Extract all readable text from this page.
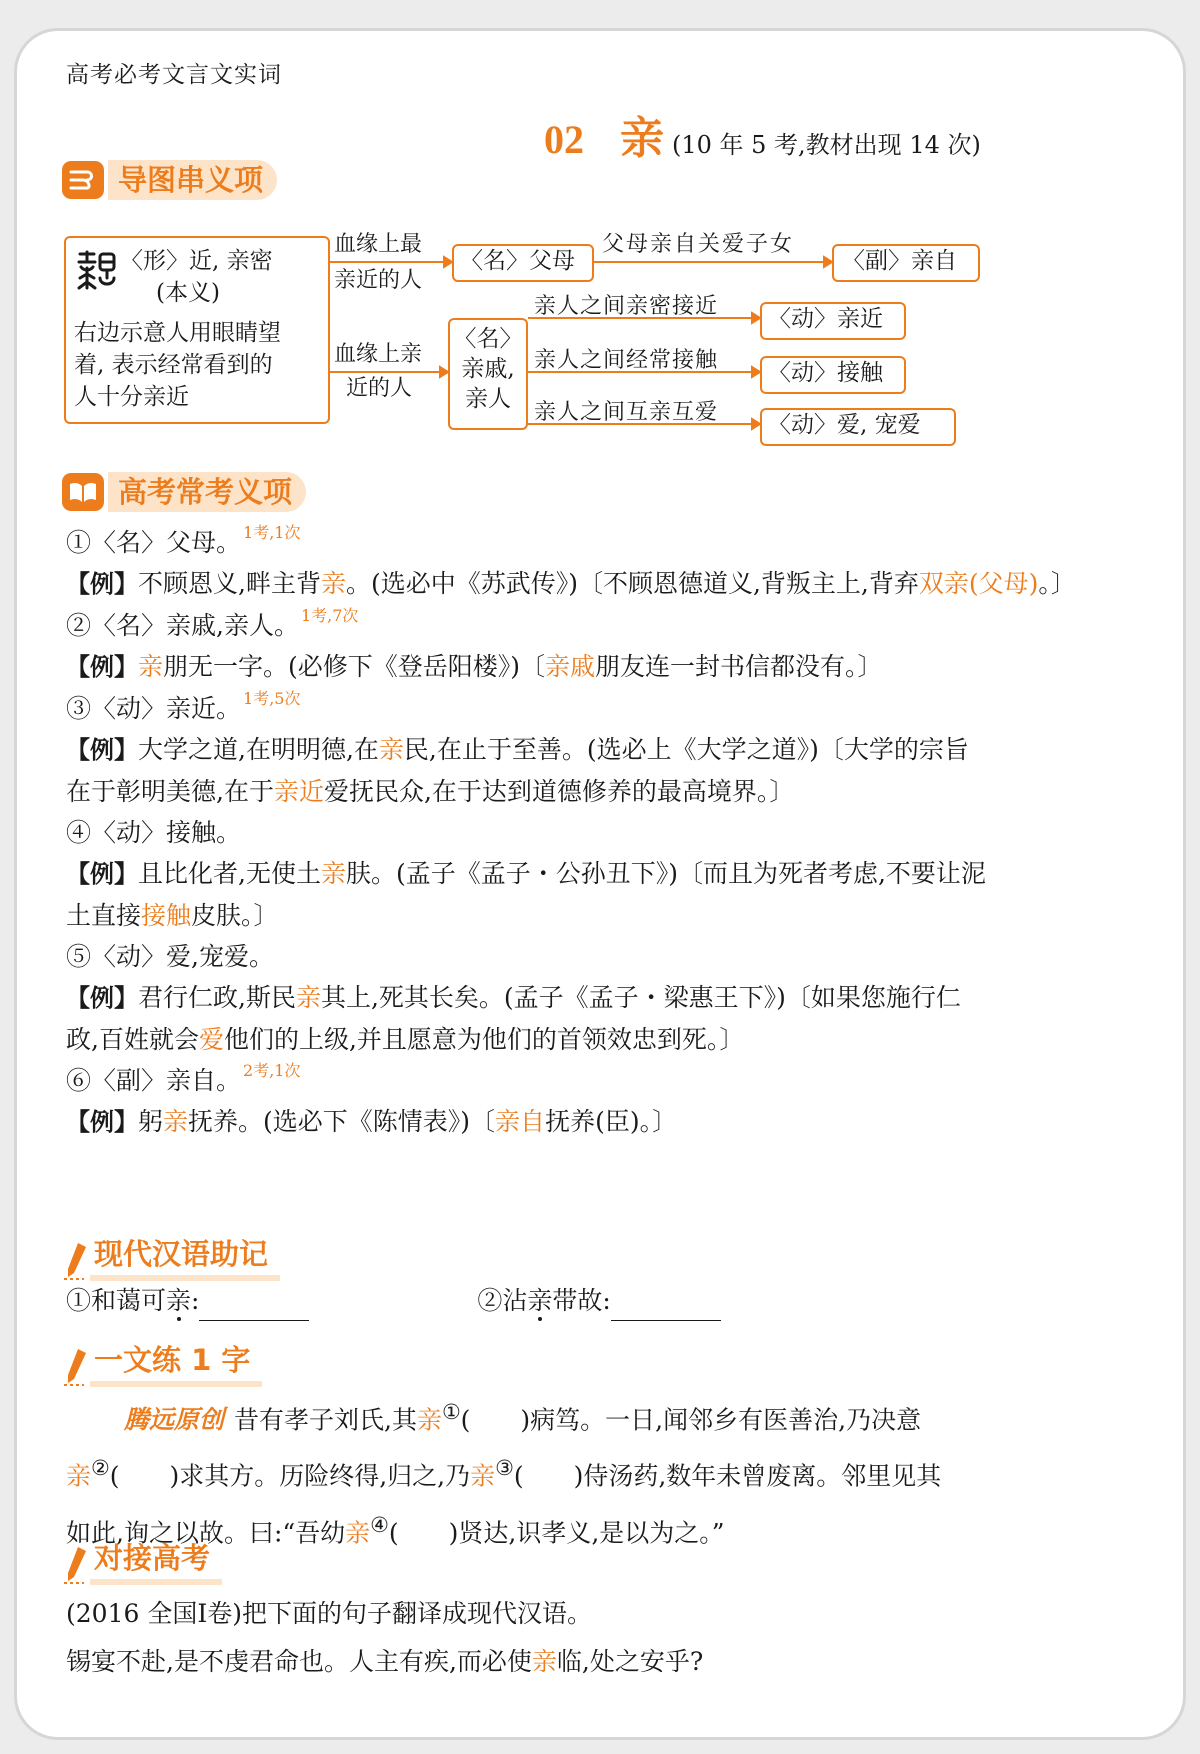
高考必考文言文实词
02 亲 (10 年 5 考,教材出现 14 次)
导图串义项
〈形〉近, 亲密
(本义)
右边示意人用眼睛望
着, 表示经常看到的
人十分亲近
血缘上最
亲近的人
〈名〉父母
父母亲自关爱子女
〈副〉亲自
血缘上亲
近的人
〈名〉
亲戚,
亲人
亲人之间亲密接近	〈动〉亲近
亲人之间经常接触	〈动〉接触
亲人之间互亲互爱	〈动〉爱, 宠爱
高考常考义项
①〈名〉父母。 $^{1考,1次}$
【例】不顾恩义,畔主背亲。(选必中《苏武传》)〔不顾恩德道义,背叛主上,背弃双亲(父母)。〕
②〈名〉亲戚,亲人。 $^{1考,7次}$
【例】亲朋无一字。(必修下《登岳阳楼》)〔亲戚朋友连一封书信都没有。〕
③〈动〉亲近。 $^{1考,5次}$
【例】大学之道,在明明德,在亲民,在止于至善。(选必上《大学之道》)〔大学的宗旨
在于彰明美德,在于亲近爱抚民众,在于达到道德修养的最高境界。〕
④〈动〉接触。
【例】且比化者,无使土亲肤。(孟子《孟子・公孙丑下》)〔而且为死者考虑,不要让泥
土直接接触皮肤。〕
⑤〈动〉爱,宠爱。
【例】君行仁政,斯民亲其上,死其长矣。(孟子《孟子・梁惠王下》)〔如果您施行仁
政,百姓就会爱他们的上级,并且愿意为他们的首领效忠到死。〕
⑥〈副〉亲自。 $^{2考,1次}$
【例】躬亲抚养。(选必下《陈情表》)〔亲自抚养(臣)。〕
现代汉语助记
①和蔼可亲:	②沾亲带故:
一文练 1 字
腾远原创 昔有孝子刘氏,其亲①(　　)病笃。一日,闻邻乡有医善治,乃决意
亲②(　　)求其方。历险终得,归之,乃亲③(　　)侍汤药,数年未曾废离。邻里见其
如此,询之以故。曰:“吾幼亲④(　　)贤达,识孝义,是以为之。”
对接高考
(2016 全国Ⅰ卷)把下面的句子翻译成现代汉语。
锡宴不赴,是不虔君命也。人主有疾,而必使亲临,处之安乎?
